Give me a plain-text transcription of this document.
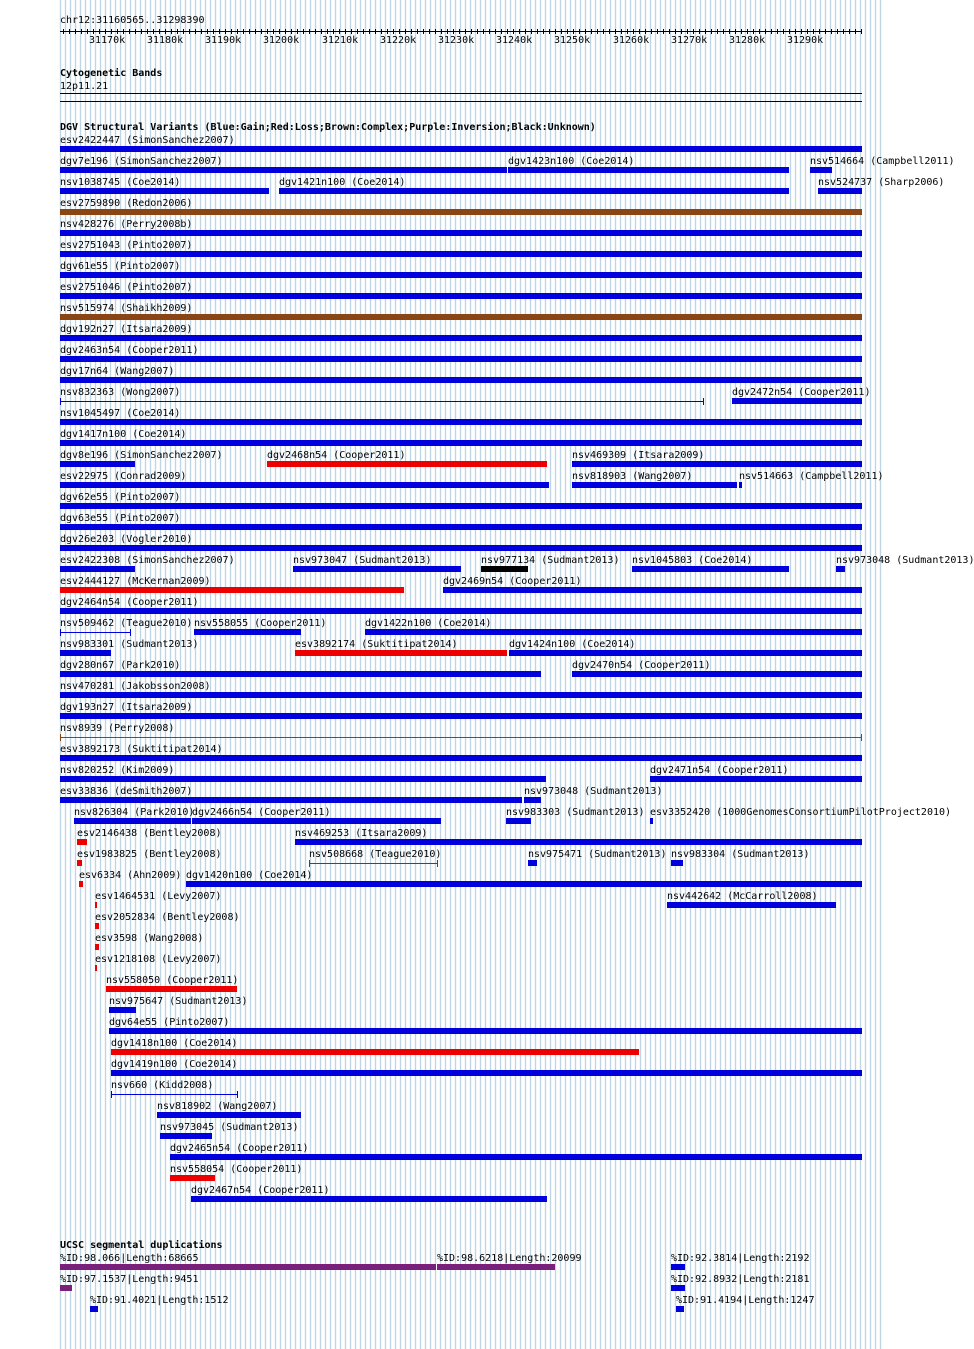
chr12:31160565..31298390
31170k 31180k 31190k 31200k 31210k 31220k 31230k 31240k 31250k 31260k 31270k 31280k 31290k
Cytogenetic Bands
12p11.21
DGV Structural Variants (Blue:Gain;Red:Loss;Brown:Complex;Purple:Inversion;Black:Unknown)
esv2422447 (SimonSanchez2007)
dgv7e196 (SimonSanchez2007)	dgv1423n100 (Coe2014)	nsv514664 (Campbell2011)
nsv1038745 (Coe2014)	dgv1421n100 (Coe2014)	nsv524737 (Sharp2006)
esv2759890 (Redon2006)
nsv428276 (Perry2008b)
esv2751043 (Pinto2007)
dgv61e55 (Pinto2007)
esv2751046 (Pinto2007)
nsv515974 (Shaikh2009)
dgv192n27 (Itsara2009)
dgv2463n54 (Cooper2011)
dgv17n64 (Wang2007)
nsv832363 (Wong2007)	dgv2472n54 (Cooper2011)
nsv1045497 (Coe2014)
dgv1417n100 (Coe2014)
dgv8e196 (SimonSanchez2007)	dgv2468n54 (Cooper2011)	nsv469309 (Itsara2009)
esv22975 (Conrad2009)	nsv818903 (Wang2007)	nsv514663 (Campbell2011)
dgv62e55 (Pinto2007)
dgv63e55 (Pinto2007)
dgv26e203 (Vogler2010)
esv2422308 (SimonSanchez2007)	nsv973047 (Sudmant2013)	nsv977134 (Sudmant2013) nsv1045803 (Coe2014)	nsv973048 (Sudmant2013)
esv2444127 (McKernan2009)	dgv2469n54 (Cooper2011)
dgv2464n54 (Cooper2011)
nsv509462 (Teague2010) nsv558055 (Cooper2011)	dgv1422n100 (Coe2014)
nsv983301 (Sudmant2013)	esv3892174 (Suktitipat2014)	dgv1424n100 (Coe2014)
dgv280n67 (Park2010)	dgv2470n54 (Cooper2011)
nsv470281 (Jakobsson2008)
dgv193n27 (Itsara2009)
nsv8939 (Perry2008)
esv3892173 (Suktitipat2014)
nsv820252 (Kim2009)	dgv2471n54 (Cooper2011)
esv33836 (deSmith2007)	nsv973048 (Sudmant2013)
nsv826304 (Park2010)
dgv2466n54 (Cooper2011)	nsv983303 (Sudmant2013) esv3352420 (1000GenomesConsortiumPilotProject2010)
esv2146438 (Bentley2008)	nsv469253 (Itsara2009)
esv1983825 (Bentley2008)	nsv508668 (Teague2010)	nsv975471 (Sudmant2013) nsv983304 (Sudmant2013)
esv6334 (Ahn2009) dgv1420n100 (Coe2014)
esv1464531 (Levy2007)	nsv442642 (McCarroll2008)
esv2052834 (Bentley2008)
esv3598 (Wang2008)
esv1218108 (Levy2007)
nsv558050 (Cooper2011)
nsv975647 (Sudmant2013)
dgv64e55 (Pinto2007)
dgv1418n100 (Coe2014)
dgv1419n100 (Coe2014)
nsv660 (Kidd2008)
nsv818902 (Wang2007)
nsv973045 (Sudmant2013)
dgv2465n54 (Cooper2011)
nsv558054 (Cooper2011)
dgv2467n54 (Cooper2011)
UCSC segmental duplications
%ID:98.066|Length:68665	%ID:98.6218|Length:20099	%ID:92.3814|Length:2192
%ID:97.1537|Length:9451	%ID:92.8932|Length:2181
%ID:91.4021|Length:1512	%ID:91.4194|Length:1247
